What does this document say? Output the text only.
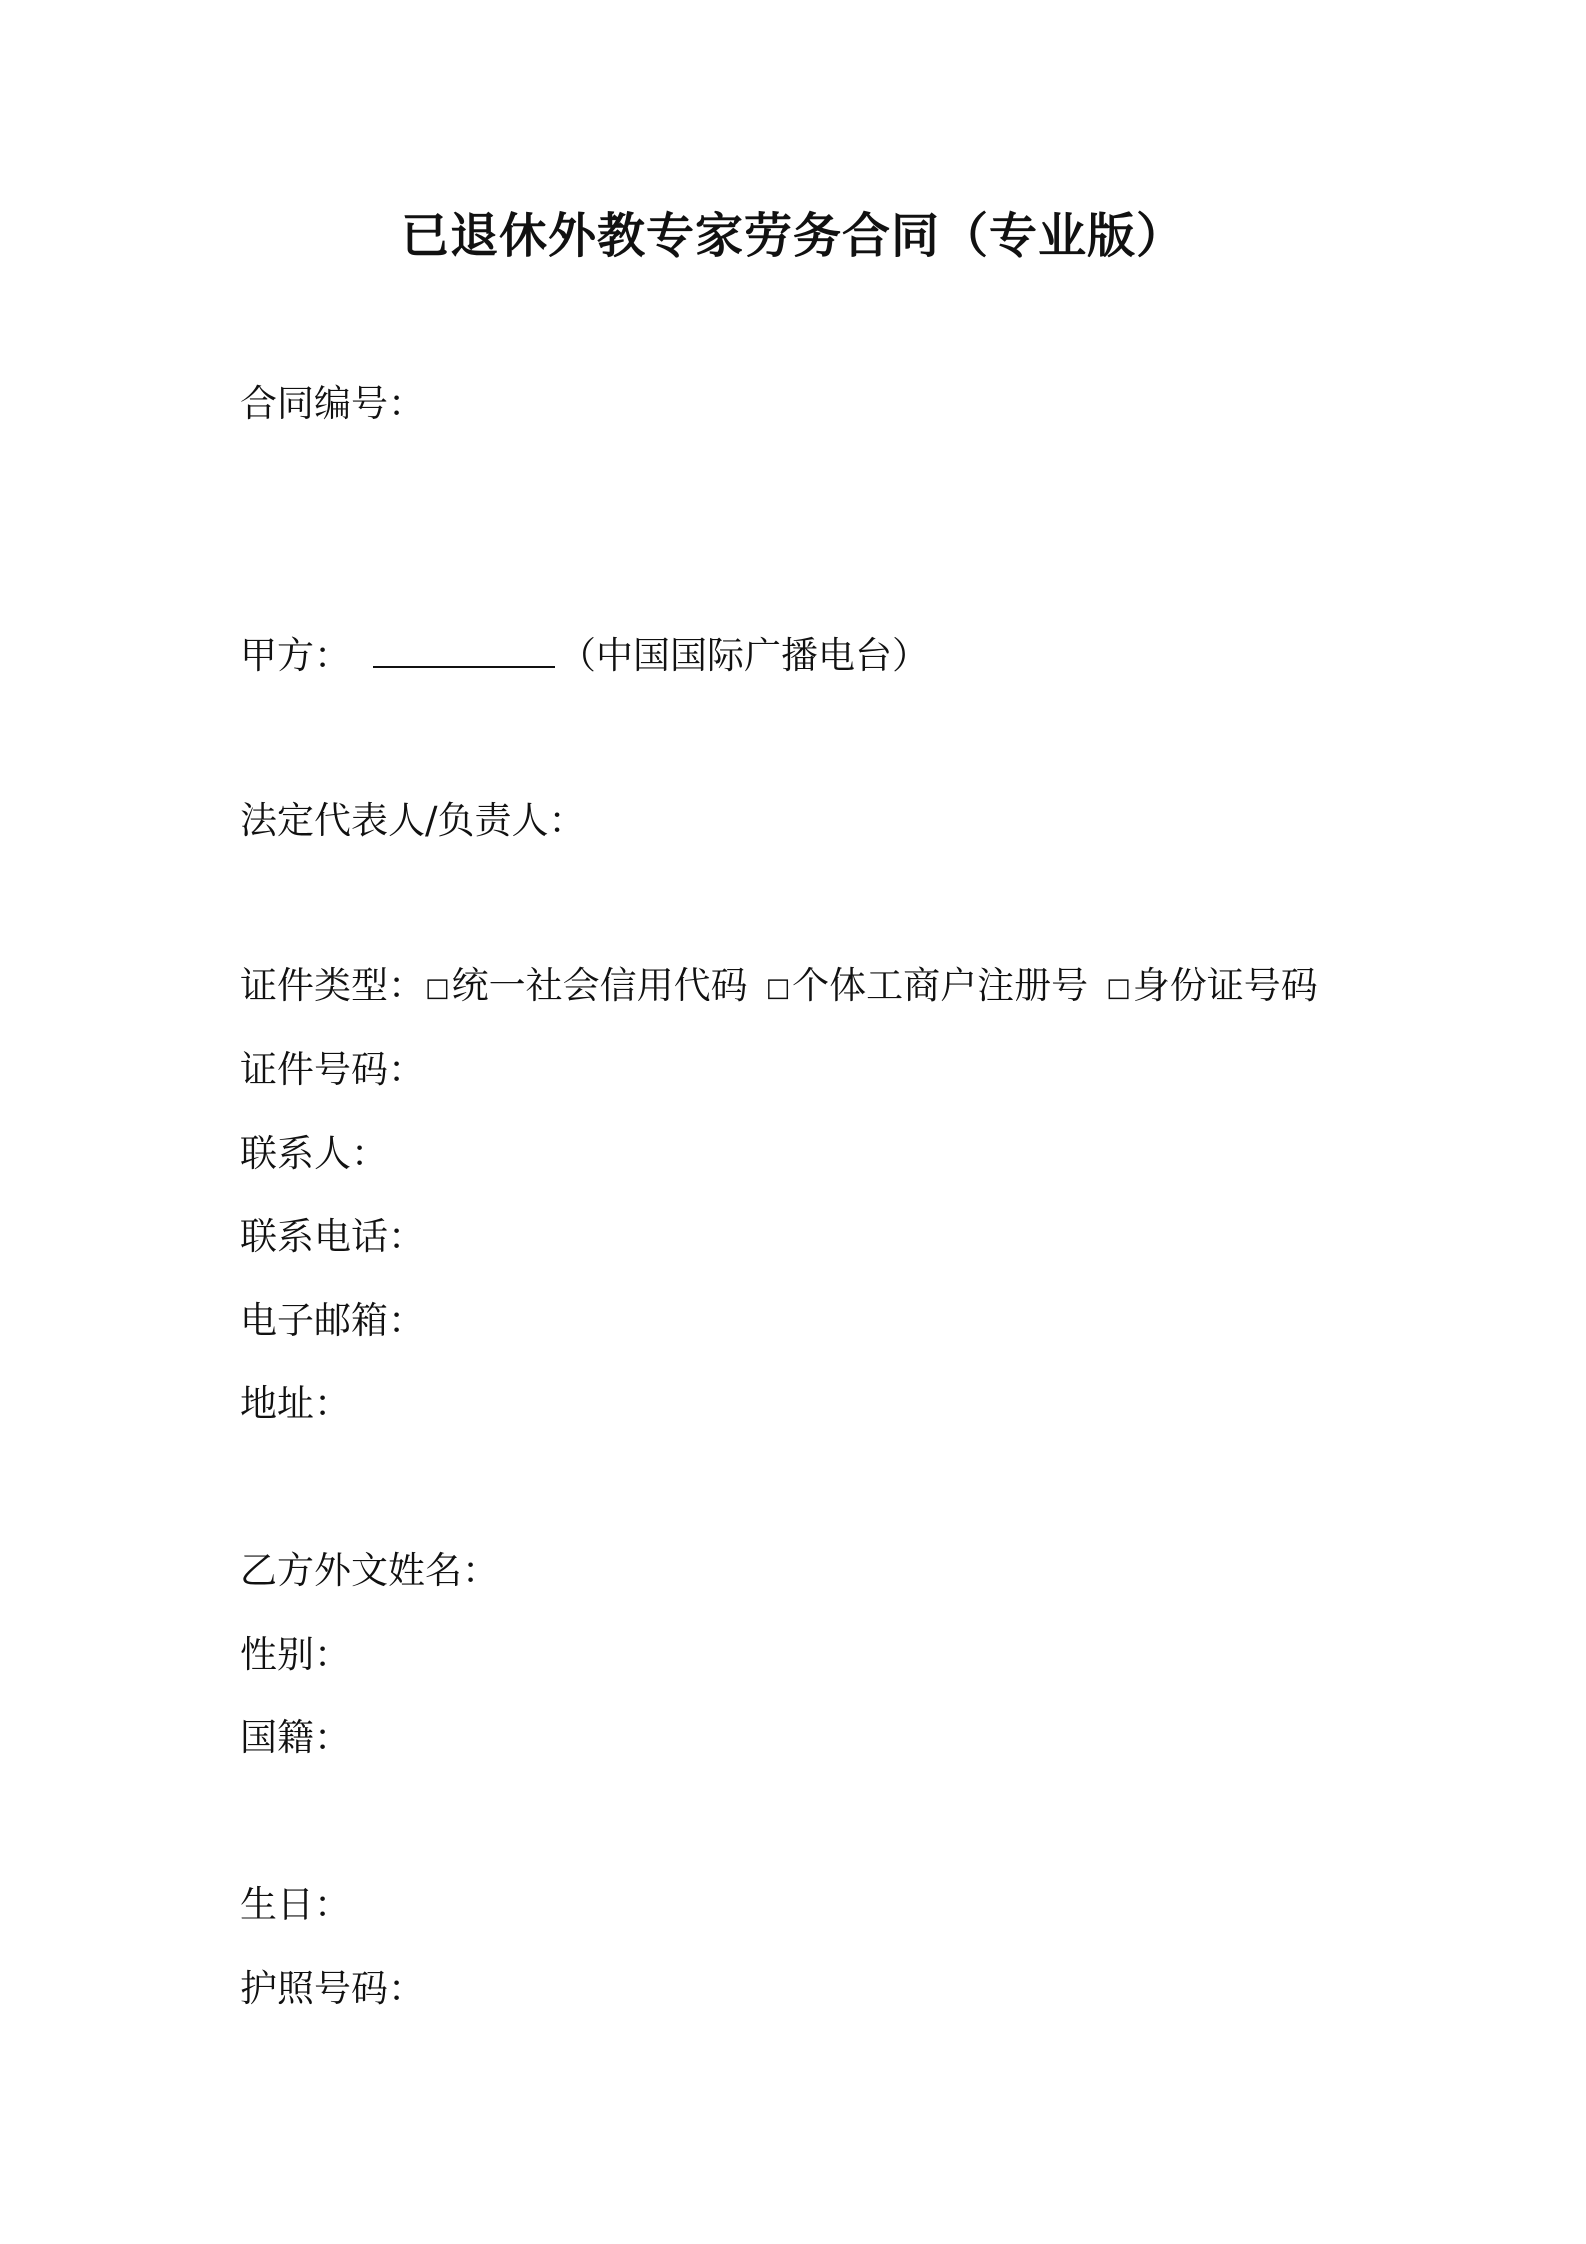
已退休外教专家劳务合同（专业版）
合同编号：
甲方：	（中国国际广播电台）
法定代表人/负责人：
证件类型：□统一社会信用代码 □个体工商户注册号 □身份证号码
证件号码：
联系人：
联系电话：
电子邮箱：
地址：
乙方外文姓名：
性别：
国籍：
生日：
护照号码：
